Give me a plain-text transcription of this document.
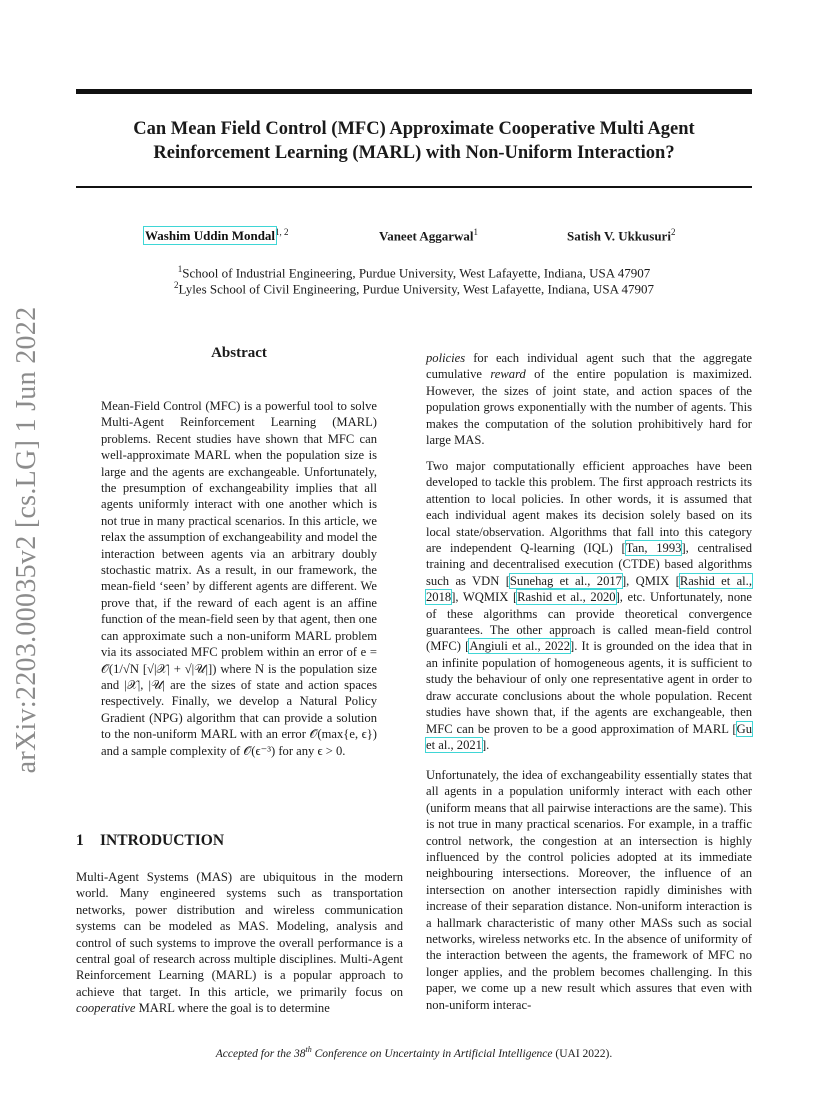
Can Mean Field Control (MFC) Approximate Cooperative Multi Agent
Reinforcement Learning (MARL) with Non-Uniform Interaction?
Washim Uddin Mondal$^{1, 2}$	Vaneet Aggarwal$^1$	Satish V. Ukkusuri$^2$
$^1$School of Industrial Engineering, Purdue University, West Lafayette, Indiana, USA 47907
$^2$Lyles School of Civil Engineering, Purdue University, West Lafayette, Indiana, USA 47907
arXiv:2203.00035v2 [cs.LG] 1 Jun 2022	Abstract

Mean-Field Control (MFC) is a powerful tool to solve Multi-Agent Reinforcement Learning (MARL) problems. Recent studies have shown that MFC can well-approximate MARL when the population size is large and the agents are exchangeable. Unfortunately, the presumption of exchangeability implies that all agents uniformly interact with one another which is not true in many practical scenarios. In this article, we relax the assumption of exchangeability and model the interaction between agents via an arbitrary doubly stochastic matrix. As a result, in our framework, the mean-field ‘seen’ by different agents are different. We prove that, if the reward of each agent is an affine function of the mean-field seen by that agent, then one can approximate such a non-uniform MARL problem via its associated MFC problem within an error of e = 𝒪(1/√N [√|𝒳| + √|𝒰|]) where N is the population size and |𝒳|, |𝒰| are the sizes of state and action spaces respectively. Finally, we develop a Natural Policy Gradient (NPG) algorithm that can provide a solution to the non-uniform MARL with an error 𝒪(max{e, ϵ}) and a sample complexity of 𝒪(ϵ⁻³) for any ϵ > 0.

1 INTRODUCTION

Multi-Agent Systems (MAS) are ubiquitous in the modern world. Many engineered systems such as transportation networks, power distribution and wireless communication systems can be modeled as MAS. Modeling, analysis and control of such systems to improve the overall performance is a central goal of research across multiple disciplines. Multi-Agent Reinforcement Learning (MARL) is a popular approach to achieve that target. In this article, we primarily focus on cooperative MARL where the goal is to determine

policies for each individual agent such that the aggregate cumulative reward of the entire population is maximized. However, the sizes of joint state, and action spaces of the population grows exponentially with the number of agents. This makes the computation of the solution prohibitively hard for large MAS.

Two major computationally efficient approaches have been developed to tackle this problem. The first approach restricts its attention to local policies. In other words, it is assumed that each individual agent makes its decision solely based on its local state/observation. Algorithms that fall into this category are independent Q-learning (IQL) [Tan, 1993], centralised training and decentralised execution (CTDE) based algorithms such as VDN [Sunehag et al., 2017], QMIX [Rashid et al., 2018], WQMIX [Rashid et al., 2020], etc. Unfortunately, none of these algorithms can provide theoretical convergence guarantees. The other approach is called mean-field control (MFC) [Angiuli et al., 2022]. It is grounded on the idea that in an infinite population of homogeneous agents, it is sufficient to study the behaviour of only one representative agent in order to draw accurate conclusions about the whole population. Recent studies have shown that, if the agents are exchangeable, then MFC can be proven to be a good approximation of MARL [Gu et al., 2021].

Unfortunately, the idea of exchangeability essentially states that all agents in a population uniformly interact with each other (uniform means that all pairwise interactions are the same). This is not true in many practical scenarios. For example, in a traffic control network, the congestion at an intersection is highly influenced by the control policies adopted at its immediate neighbouring intersections. Moreover, the influence of an intersection on another intersection rapidly diminishes with increase of their separation distance. Non-uniform interaction is a hallmark characteristic of many other MASs such as social networks, wireless networks etc. In the absence of uniformity of the interaction between the agents, the framework of MFC no longer applies, and the problem becomes challenging. In this paper, we come up a new result which assures that even with non-uniform interac-

Accepted for the 38th Conference on Uncertainty in Artificial Intelligence (UAI 2022).
